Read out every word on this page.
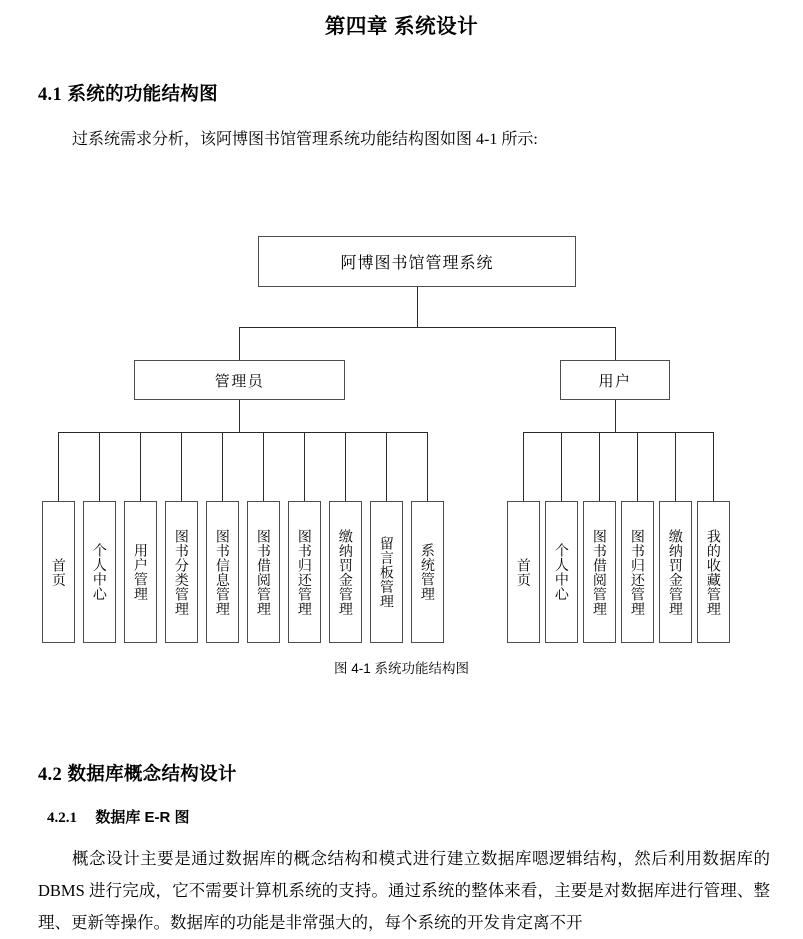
第四章 系统设计
4.1 系统的功能结构图
过系统需求分析，该阿博图书馆管理系统功能结构图如图 4-1 所示:
阿博图书馆管理系统
管理员	用户
首页 个人中心 用户管理 图书分类管理 图书信息管理 图书借阅管理 图书归还管理 缴纳罚金管理 留言板管理 系统管理	首页 个人中心 图书借阅管理 图书归还管理 缴纳罚金管理 我的收藏管理
图 4-1 系统功能结构图
4.2 数据库概念结构设计
4.2.1 数据库 E-R 图
概念设计主要是通过数据库的概念结构和模式进行建立数据库嗯逻辑结构，然后利用数据库的 DBMS 进行完成，它不需要计算机系统的支持。通过系统的整体来看，主要是对数据库进行管理、整理、更新等操作。数据库的功能是非常强大的，每个系统的开发肯定离不开
